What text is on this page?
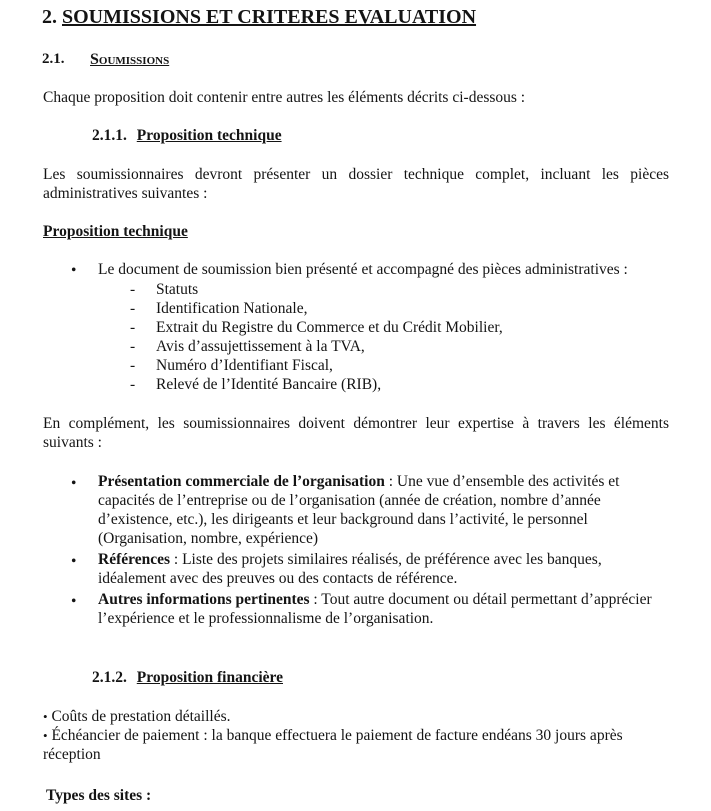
2. SOUMISSIONS ET CRITERES EVALUATION
2.1. Soumissions
Chaque proposition doit contenir entre autres les éléments décrits ci-dessous :
2.1.1. Proposition technique
Les soumissionnaires devront présenter un dossier technique complet, incluant les pièces administratives suivantes :
Proposition technique
• Le document de soumission bien présenté et accompagné des pièces administratives :
- Statuts
- Identification Nationale,
- Extrait du Registre du Commerce et du Crédit Mobilier,
- Avis d’assujettissement à la TVA,
- Numéro d’Identifiant Fiscal,
- Relevé de l’Identité Bancaire (RIB),
En complément, les soumissionnaires doivent démontrer leur expertise à travers les éléments suivants :
• Présentation commerciale de l’organisation : Une vue d’ensemble des activités et capacités de l’entreprise ou de l’organisation (année de création, nombre d’année d’existence, etc.), les dirigeants et leur background dans l’activité, le personnel (Organisation, nombre, expérience)
• Références : Liste des projets similaires réalisés, de préférence avec les banques, idéalement avec des preuves ou des contacts de référence.
• Autres informations pertinentes : Tout autre document ou détail permettant d’apprécier l’expérience et le professionnalisme de l’organisation.
2.1.2. Proposition financière
• Coûts de prestation détaillés.
• Échéancier de paiement : la banque effectuera le paiement de facture endéans 30 jours après réception
Types des sites :
